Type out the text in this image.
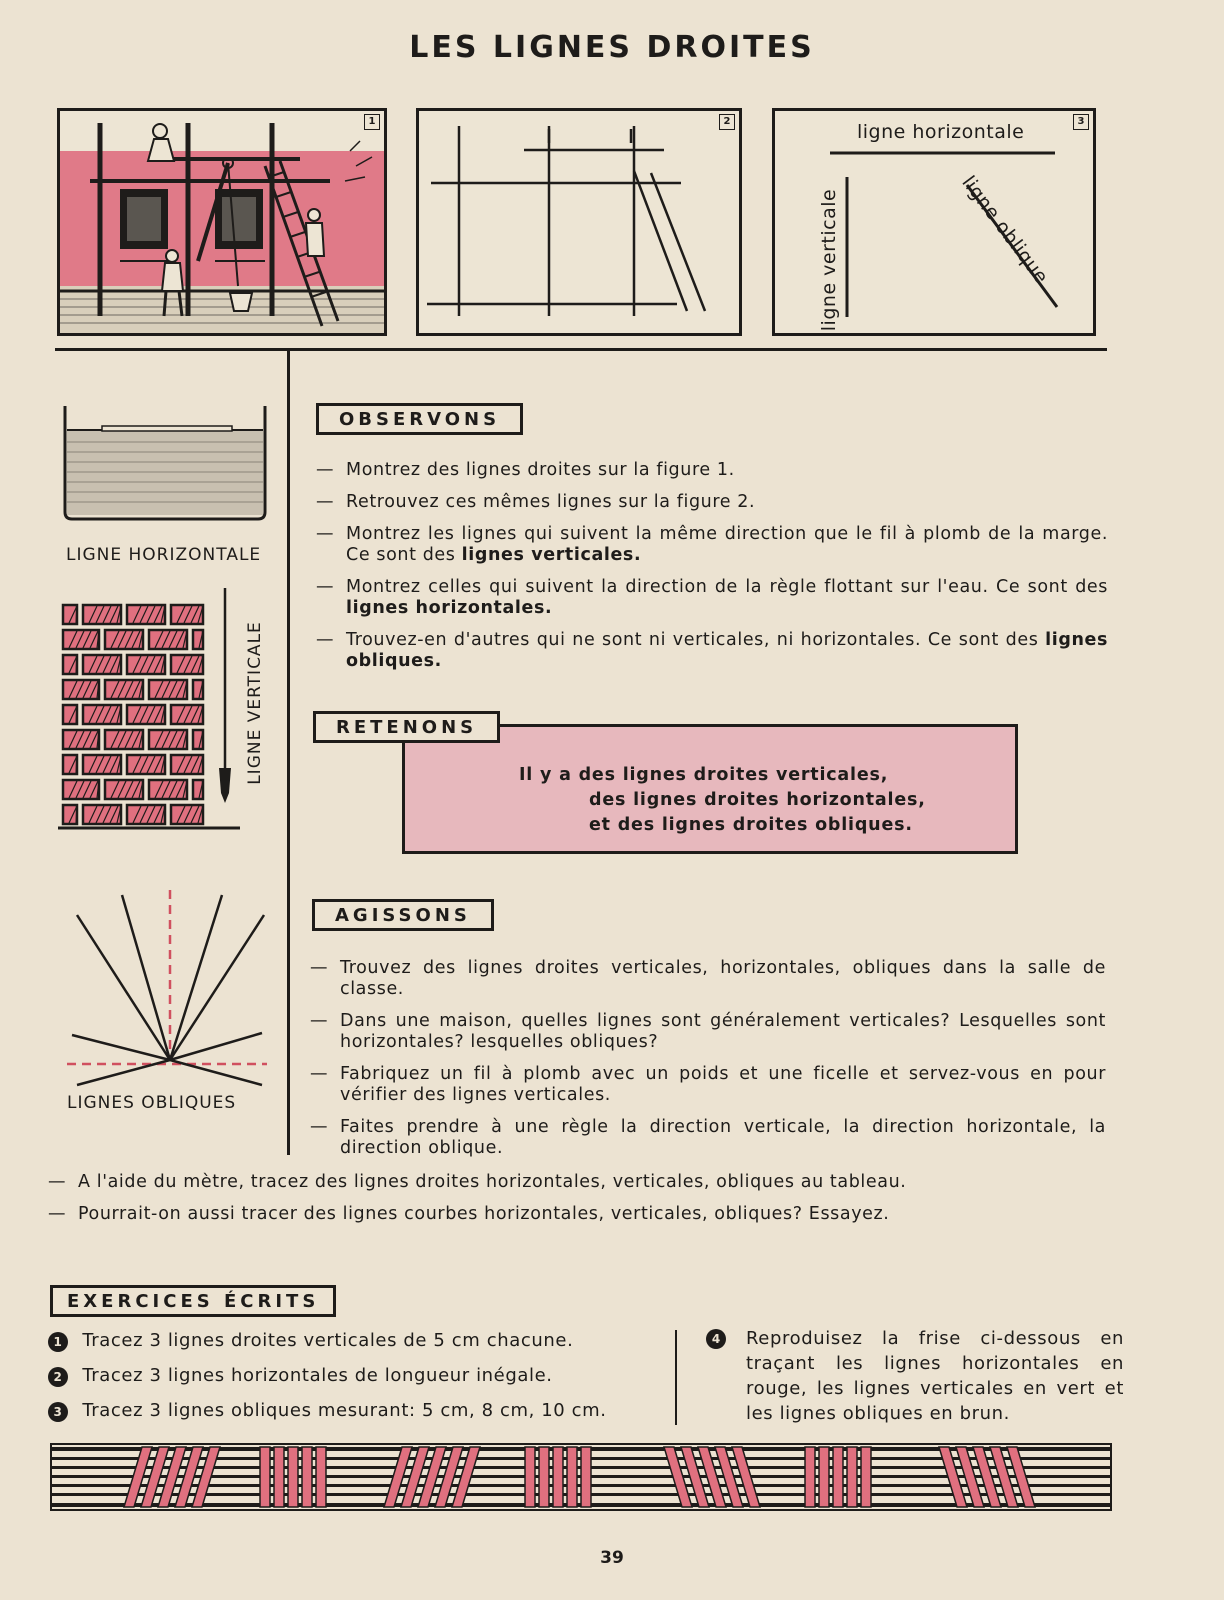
LES LIGNES DROITES
1	2	ligne horizontale
ligne verticale	ligne oblique
3
LIGNE HORIZONTALE
LIGNE VERTICALE
LIGNES OBLIQUES
OBSERVONS
— Montrez des lignes droites sur la figure 1.
— Retrouvez ces mêmes lignes sur la figure 2.
— Montrez les lignes qui suivent la même direction que le fil à plomb de la marge. Ce sont des lignes verticales.
— Montrez celles qui suivent la direction de la règle flottant sur l'eau. Ce sont des lignes horizontales.
— Trouvez-en d'autres qui ne sont ni verticales, ni horizontales. Ce sont des lignes obliques.
Il y a des lignes droites verticales,
des lignes droites horizontales,
et des lignes droites obliques.
RETENONS
AGISSONS
— Trouvez des lignes droites verticales, horizontales, obliques dans la salle de classe.
— Dans une maison, quelles lignes sont généralement verticales? Lesquelles sont horizontales? lesquelles obliques?
— Fabriquez un fil à plomb avec un poids et une ficelle et servez-vous en pour vérifier des lignes verticales.
— Faites prendre à une règle la direction verticale, la direction horizontale, la direction oblique.
— A l'aide du mètre, tracez des lignes droites horizontales, verticales, obliques au tableau.
— Pourrait-on aussi tracer des lignes courbes horizontales, verticales, obliques? Essayez.
EXERCICES ÉCRITS
1 Tracez 3 lignes droites verticales de 5 cm chacune.
2 Tracez 3 lignes horizontales de longueur inégale.
3 Tracez 3 lignes obliques mesurant: 5 cm, 8 cm, 10 cm.
4	Reproduisez la frise ci-dessous en traçant les lignes horizontales en rouge, les lignes verticales en vert et les lignes obliques en brun.
39
